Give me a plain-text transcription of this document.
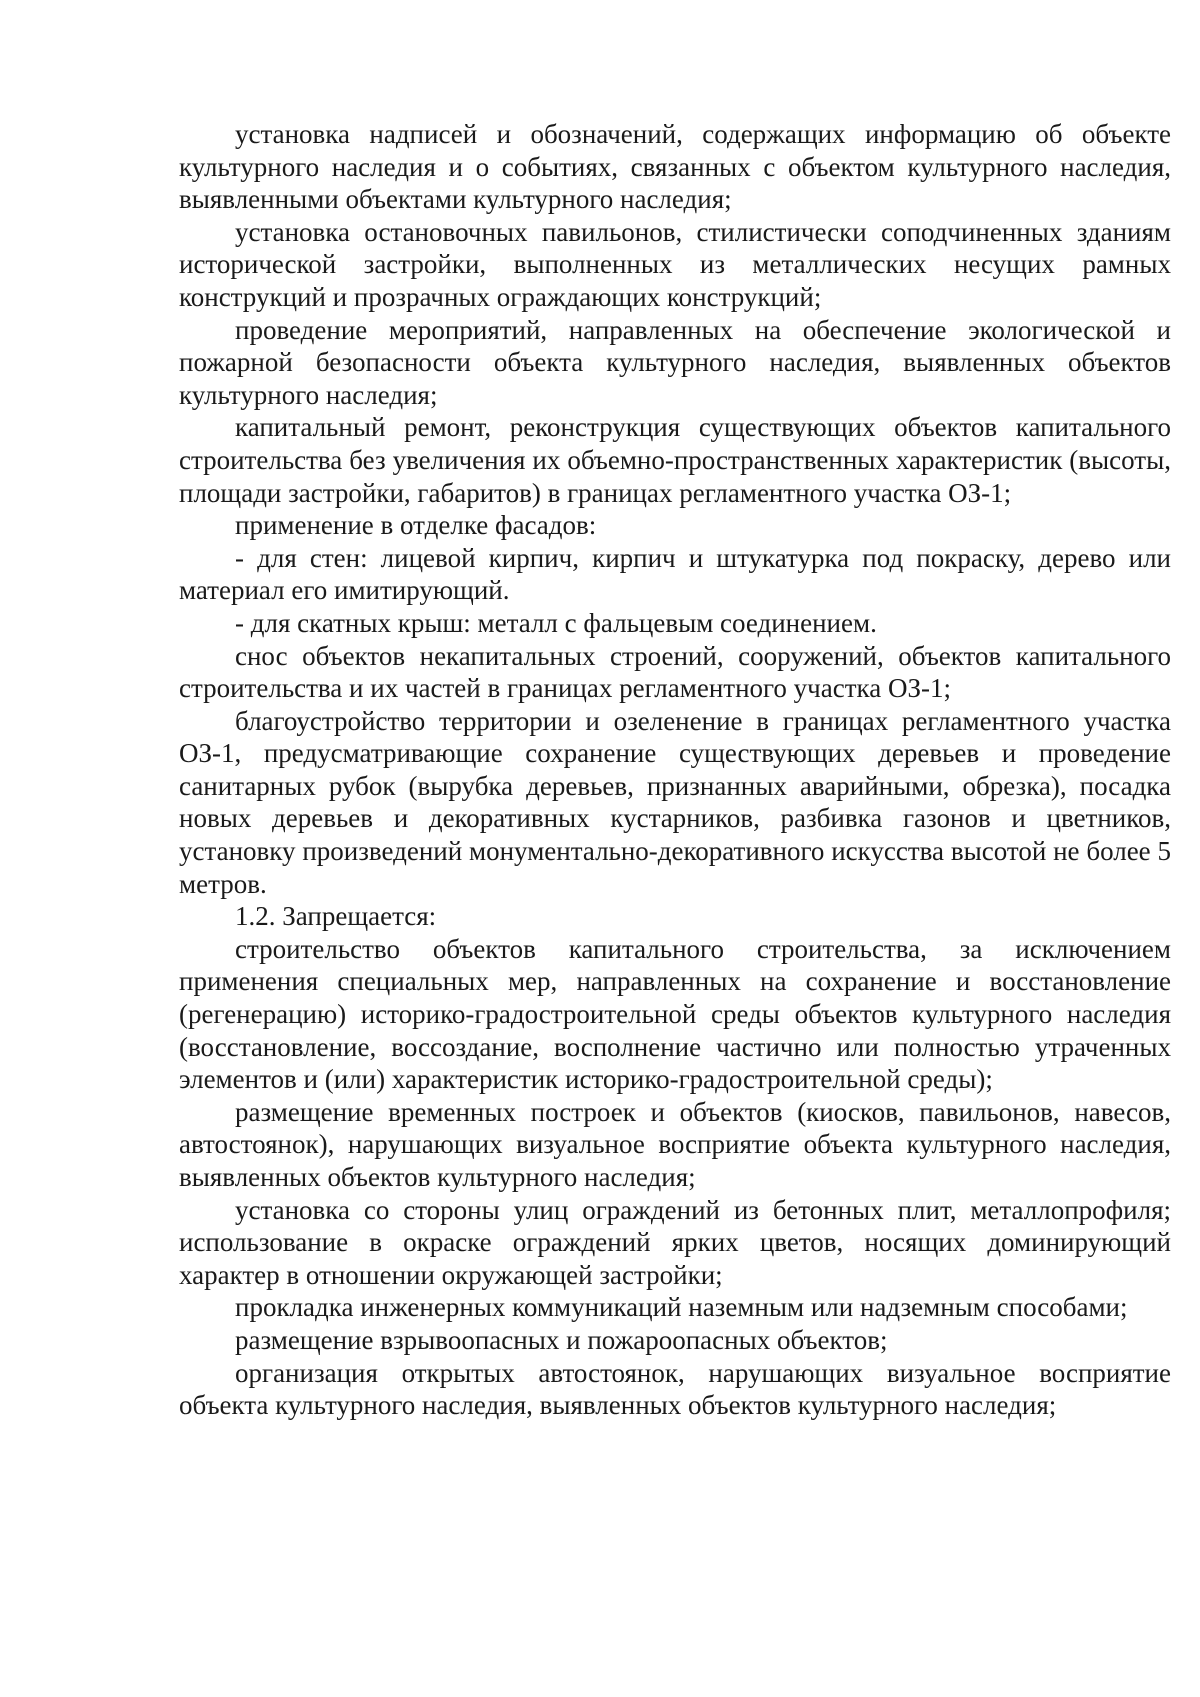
установка надписей и обозначений, содержащих информацию об объекте культурного наследия и о событиях, связанных с объектом культурного наследия, выявленными объектами культурного наследия;

установка остановочных павильонов, стилистически соподчиненных зданиям исторической застройки, выполненных из металлических несущих рамных конструкций и прозрачных ограждающих конструкций;

проведение мероприятий, направленных на обеспечение экологической и пожарной безопасности объекта культурного наследия, выявленных объектов культурного наследия;

капитальный ремонт, реконструкция существующих объектов капитального строительства без увеличения их объемно-пространственных характеристик (высоты, площади застройки, габаритов) в границах регламентного участка ОЗ-1;

применение в отделке фасадов:

- для стен: лицевой кирпич, кирпич и штукатурка под покраску, дерево или материал его имитирующий.

- для скатных крыш: металл с фальцевым соединением.

снос объектов некапитальных строений, сооружений, объектов капитального строительства и их частей в границах регламентного участка ОЗ-1;

благоустройство территории и озеленение в границах регламентного участка ОЗ-1, предусматривающие сохранение существующих деревьев и проведение санитарных рубок (вырубка деревьев, признанных аварийными, обрезка), посадка новых деревьев и декоративных кустарников, разбивка газонов и цветников, установку произведений монументально-декоративного искусства высотой не более 5 метров.

1.2. Запрещается:

строительство объектов капитального строительства, за исключением применения специальных мер, направленных на сохранение и восстановление (регенерацию) историко-градостроительной среды объектов культурного наследия (восстановление, воссоздание, восполнение частично или полностью утраченных элементов и (или) характеристик историко-градостроительной среды);

размещение временных построек и объектов (киосков, павильонов, навесов, автостоянок), нарушающих визуальное восприятие объекта культурного наследия, выявленных объектов культурного наследия;

установка со стороны улиц ограждений из бетонных плит, металлопрофиля; использование в окраске ограждений ярких цветов, носящих доминирующий характер в отношении окружающей застройки;

прокладка инженерных коммуникаций наземным или надземным способами;

размещение взрывоопасных и пожароопасных объектов;

организация открытых автостоянок, нарушающих визуальное восприятие объекта культурного наследия, выявленных объектов культурного наследия;
